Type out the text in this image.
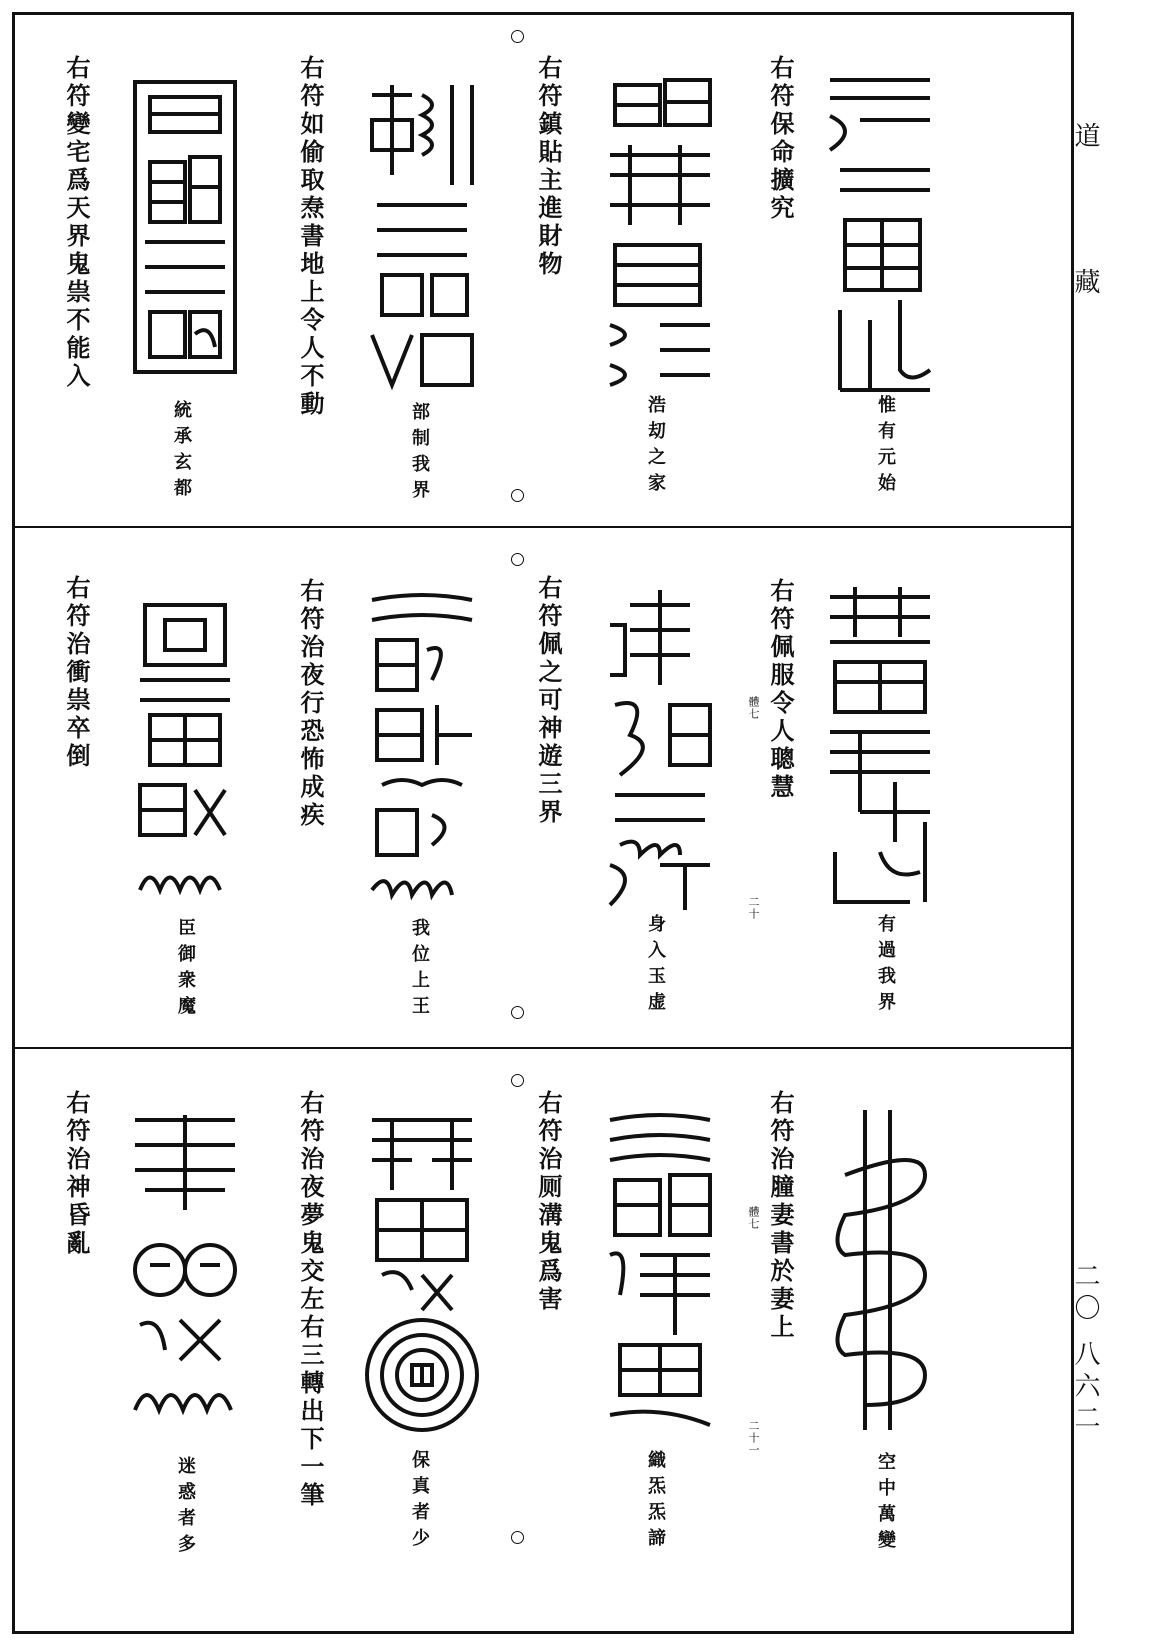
道
藏
二〇 八六二
右符保命擴究
惟有元始
右符鎮貼主進財物
浩刧之家
右符如偷取焘書地上令人不動
部制我界
右符變宅爲天界鬼祟不能入
統承玄都
右符佩服令人聰慧
體七
二十
有過我界
右符佩之可神遊三界
身入玉虚
右符治夜行恐怖成疾
我位上王
右符治衝祟卒倒
臣御衆魔
右符治膧妻書於妻上
體七
二十一
空中萬變
右符治厕溝鬼爲害
織炁炁諦
右符治夜夢鬼交左右三轉出下一筆	保真者少
右符治神昏亂
迷惑者多
